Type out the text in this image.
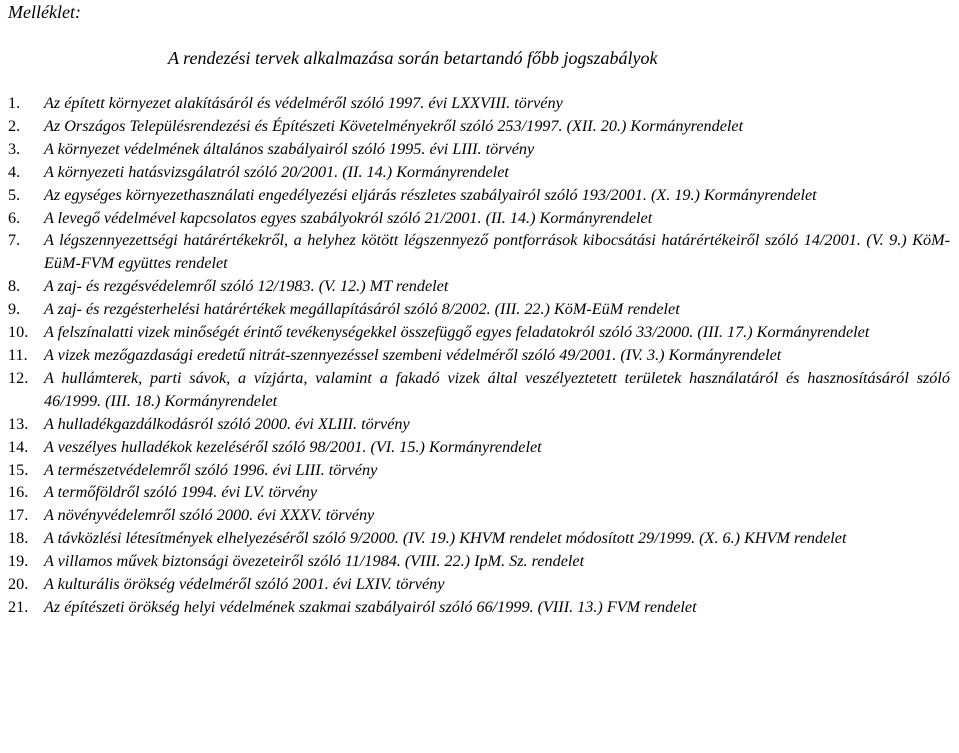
Melléklet:
A rendezési tervek alkalmazása során betartandó főbb jogszabályok
1.	Az épített környezet alakításáról és védelméről szóló 1997. évi LXXVIII. törvény
2.	Az Országos Településrendezési és Építészeti Követelményekről szóló 253/1997. (XII. 20.) Kormányrendelet
3.	A környezet védelmének általános szabályairól szóló 1995. évi LIII. törvény
4.	A környezeti hatásvizsgálatról szóló 20/2001. (II. 14.) Kormányrendelet
5.	Az egységes környezethasználati engedélyezési eljárás részletes szabályairól szóló 193/2001. (X. 19.) Kormányrendelet
6.	A levegő védelmével kapcsolatos egyes szabályokról szóló 21/2001. (II. 14.) Kormányrendelet
7.	A légszennyezettségi határértékekről, a helyhez kötött légszennyező pontforrások kibocsátási határértékeiről szóló 14/2001. (V. 9.) KöM-EüM-FVM együttes rendelet
8.	A zaj- és rezgésvédelemről szóló 12/1983. (V. 12.) MT rendelet
9.	A zaj- és rezgésterhelési határértékek megállapításáról szóló 8/2002. (III. 22.) KöM-EüM rendelet
10. A felszínalatti vizek minőségét érintő tevékenységekkel összefüggő egyes feladatokról szóló 33/2000. (III. 17.) Kormányrendelet
11.	A vizek mezőgazdasági eredetű nitrát-szennyezéssel szembeni védelméről szóló 49/2001. (IV. 3.) Kormányrendelet
12. A hullámterek, parti sávok, a vízjárta, valamint a fakadó vizek által veszélyeztetett területek használatáról és hasznosításáról szóló 46/1999. (III. 18.) Kormányrendelet
13. A hulladékgazdálkodásról szóló 2000. évi XLIII. törvény
14. A veszélyes hulladékok kezeléséről szóló 98/2001. (VI. 15.) Kormányrendelet
15. A természetvédelemről szóló 1996. évi LIII. törvény
16. A termőföldről szóló 1994. évi LV. törvény
17. A növényvédelemről szóló 2000. évi XXXV. törvény
18. A távközlési létesítmények elhelyezéséről szóló 9/2000. (IV. 19.) KHVM rendelet módosított 29/1999. (X. 6.) KHVM rendelet
19. A villamos művek biztonsági övezeteiről szóló 11/1984. (VIII. 22.) IpM. Sz. rendelet
20. A kulturális örökség védelméről szóló 2001. évi LXIV. törvény
21. Az építészeti örökség helyi védelmének szakmai szabályairól szóló 66/1999. (VIII. 13.) FVM rendelet
